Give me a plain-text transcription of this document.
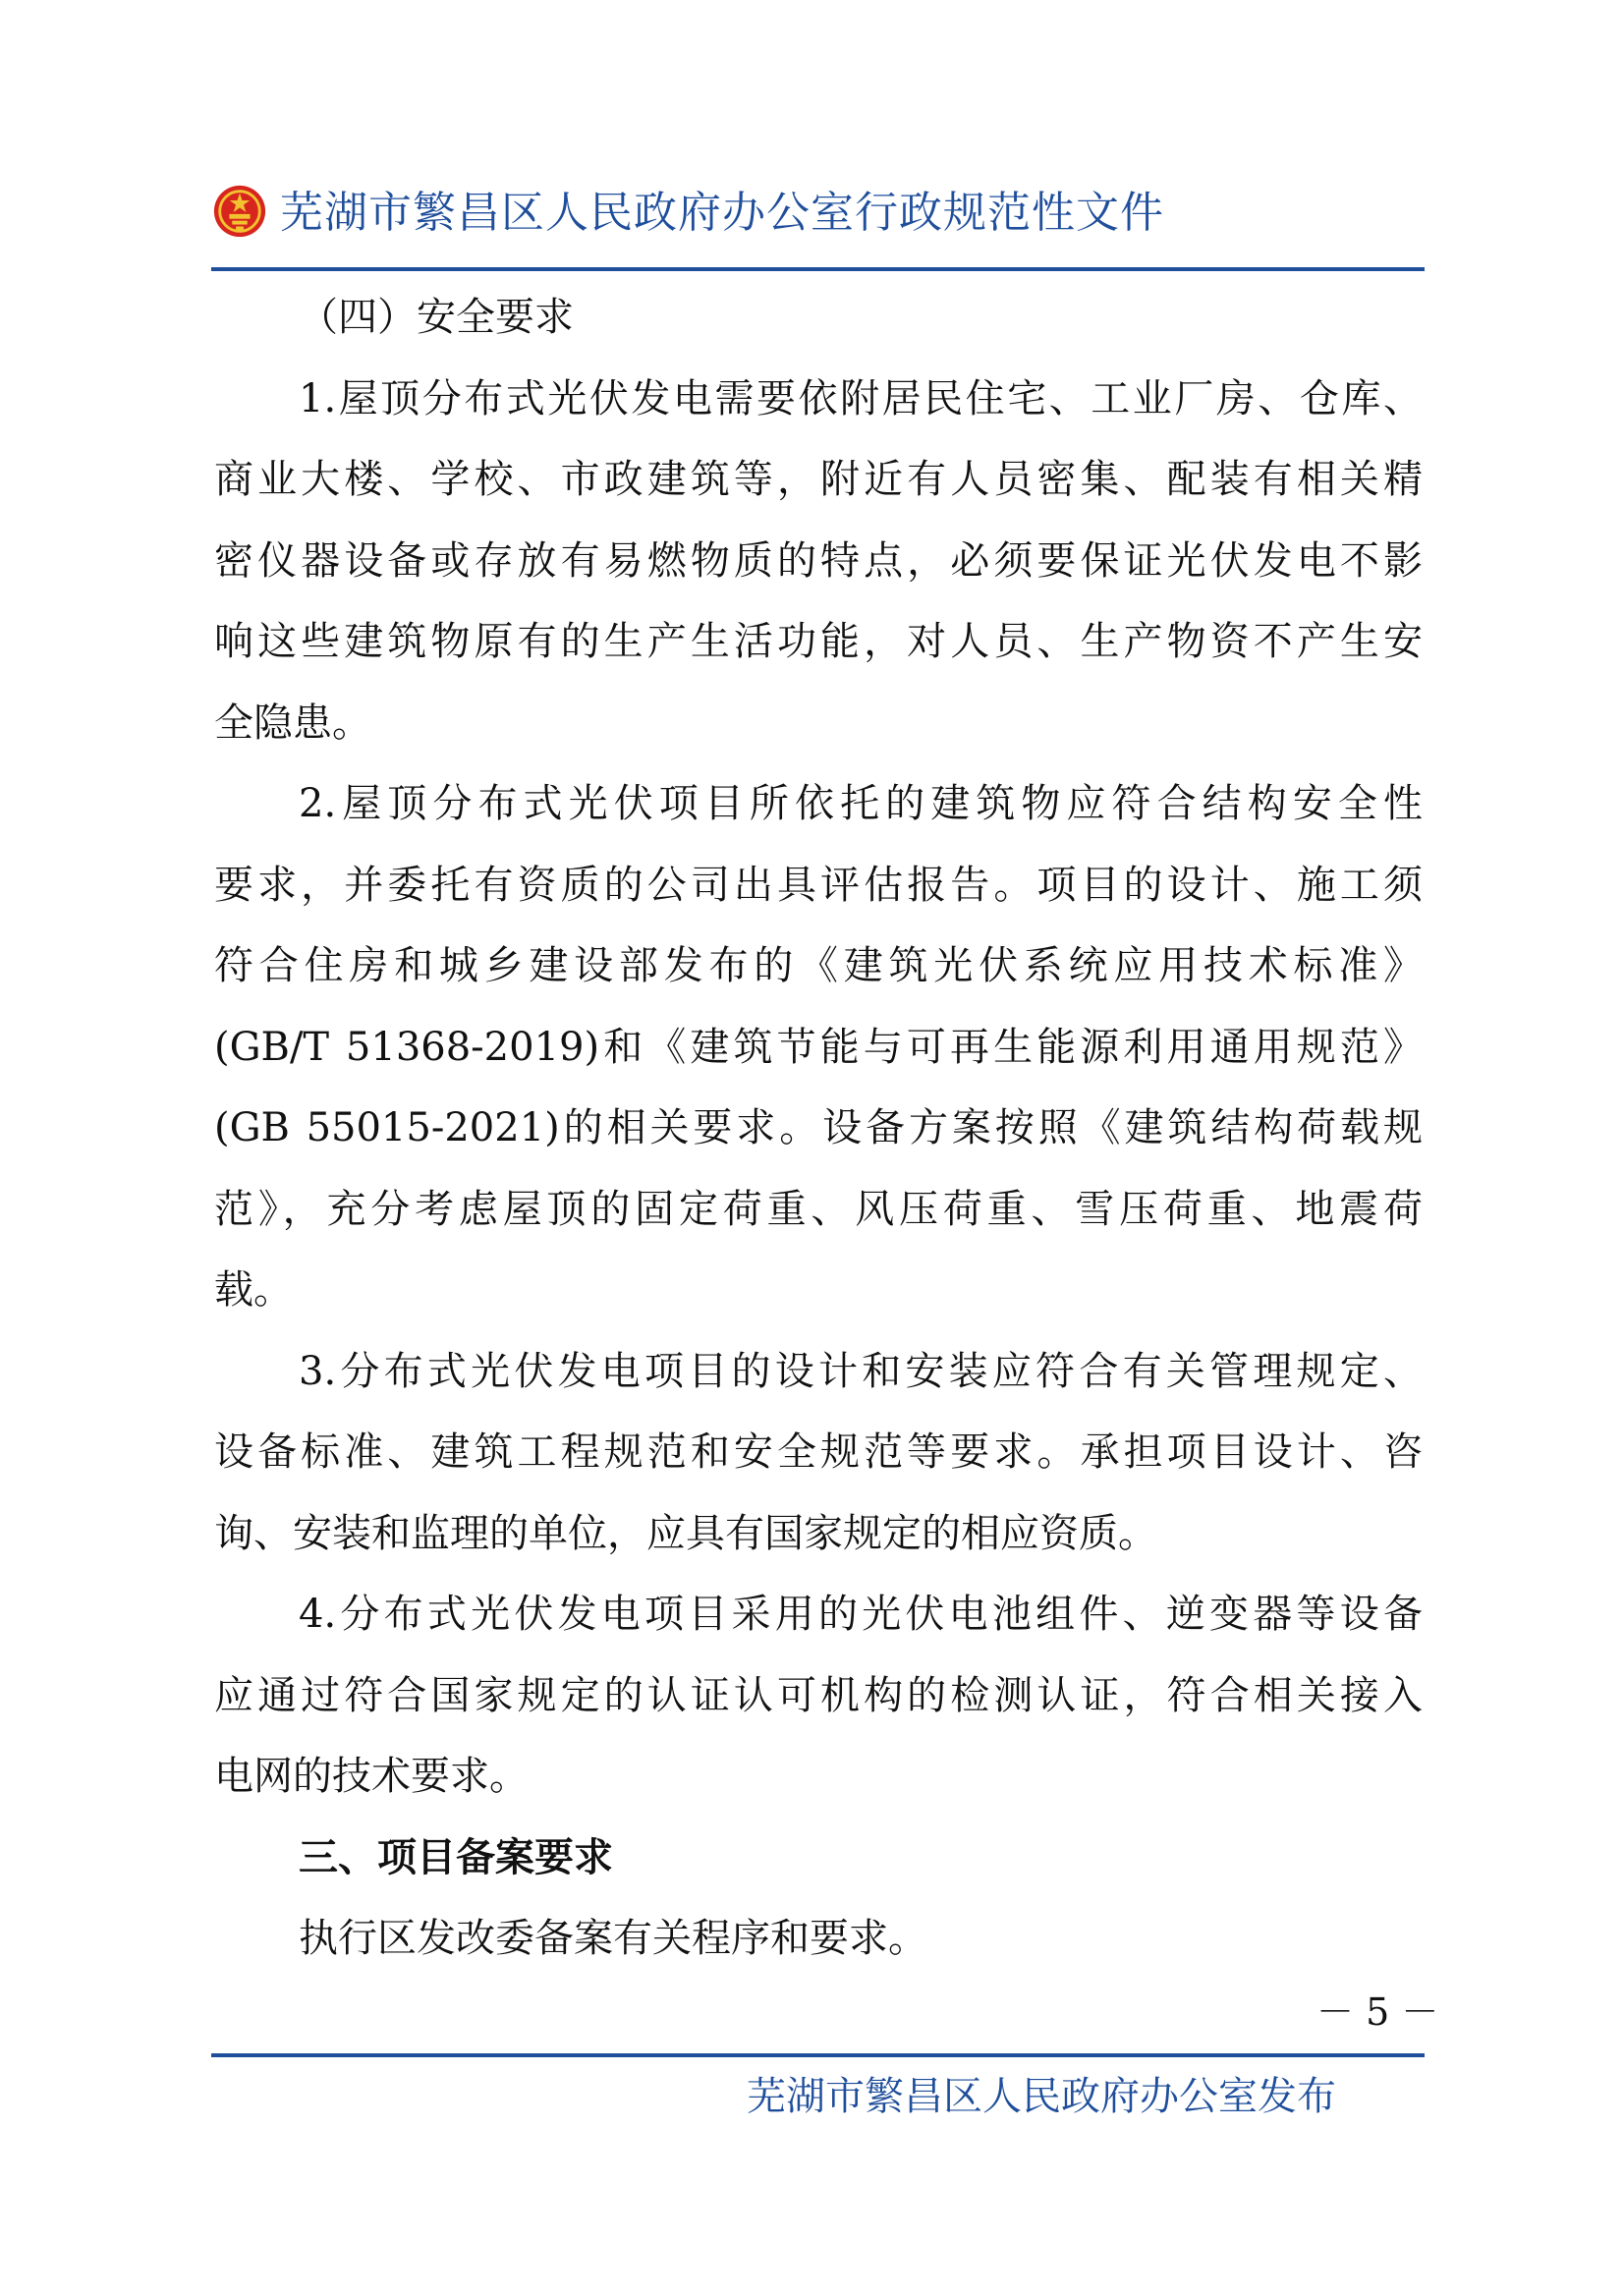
芜湖市繁昌区人民政府办公室行政规范性文件
（四）安全要求
1.屋顶分布式光伏发电需要依附居民住宅、工业厂房、仓库、
商业大楼、学校、市政建筑等，附近有人员密集、配装有相关精
密仪器设备或存放有易燃物质的特点，必须要保证光伏发电不影
响这些建筑物原有的生产生活功能，对人员、生产物资不产生安
全隐患。
2.屋顶分布式光伏项目所依托的建筑物应符合结构安全性
要求，并委托有资质的公司出具评估报告。项目的设计、施工须
符合住房和城乡建设部发布的《建筑光伏系统应用技术标准》
(GB/T 51368-2019)和《建筑节能与可再生能源利用通用规范》
(GB 55015-2021)的相关要求。设备方案按照《建筑结构荷载规
范》，充分考虑屋顶的固定荷重、风压荷重、雪压荷重、地震荷
载。
3.分布式光伏发电项目的设计和安装应符合有关管理规定、
设备标准、建筑工程规范和安全规范等要求。承担项目设计、咨
询、安装和监理的单位，应具有国家规定的相应资质。
4.分布式光伏发电项目采用的光伏电池组件、逆变器等设备
应通过符合国家规定的认证认可机构的检测认证，符合相关接入
电网的技术要求。
三、项目备案要求
执行区发改委备案有关程序和要求。
－ 5 －
芜湖市繁昌区人民政府办公室发布
